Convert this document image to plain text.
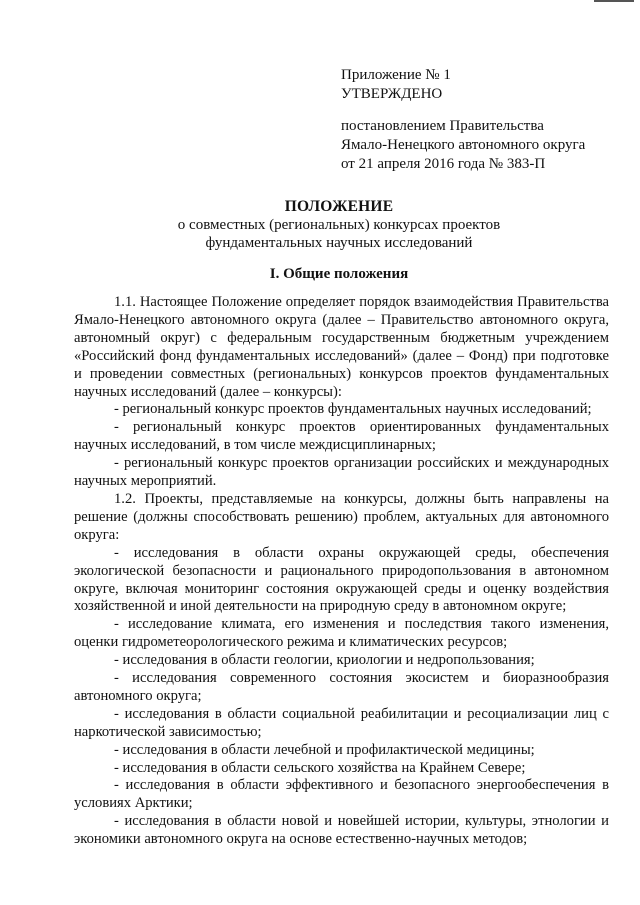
Приложение № 1
УТВЕРЖДЕНО
постановлением Правительства
Ямало-Ненецкого автономного округа
от 21 апреля 2016 года № 383-П
ПОЛОЖЕНИЕ
о совместных (региональных) конкурсах проектов
фундаментальных научных исследований
I. Общие положения

1.1. Настоящее Положение определяет порядок взаимодействия Правительства Ямало-Ненецкого автономного округа (далее – Правительство автономного округа, автономный округ) с федеральным государственным бюджетным учреждением «Российский фонд фундаментальных исследований» (далее – Фонд) при подготовке и проведении совместных (региональных) конкурсов проектов фундаментальных научных исследований (далее – конкурсы):

- региональный конкурс проектов фундаментальных научных исследований;

- региональный конкурс проектов ориентированных фундаментальных научных исследований, в том числе междисциплинарных;

- региональный конкурс проектов организации российских и международных научных мероприятий.

1.2. Проекты, представляемые на конкурсы, должны быть направлены на решение (должны способствовать решению) проблем, актуальных для автономного округа:

- исследования в области охраны окружающей среды, обеспечения экологической безопасности и рационального природопользования в автономном округе, включая мониторинг состояния окружающей среды и оценку воздействия хозяйственной и иной деятельности на природную среду в автономном округе;

- исследование климата, его изменения и последствия такого изменения, оценки гидрометеорологического режима и климатических ресурсов;

- исследования в области геологии, криологии и недропользования;

- исследования современного состояния экосистем и биоразнообразия автономного округа;

- исследования в области социальной реабилитации и ресоциализации лиц с наркотической зависимостью;

- исследования в области лечебной и профилактической медицины;

- исследования в области сельского хозяйства на Крайнем Севере;

- исследования в области эффективного и безопасного энергообеспечения в условиях Арктики;

- исследования в области новой и новейшей истории, культуры, этнологии и экономики автономного округа на основе естественно-научных методов;
